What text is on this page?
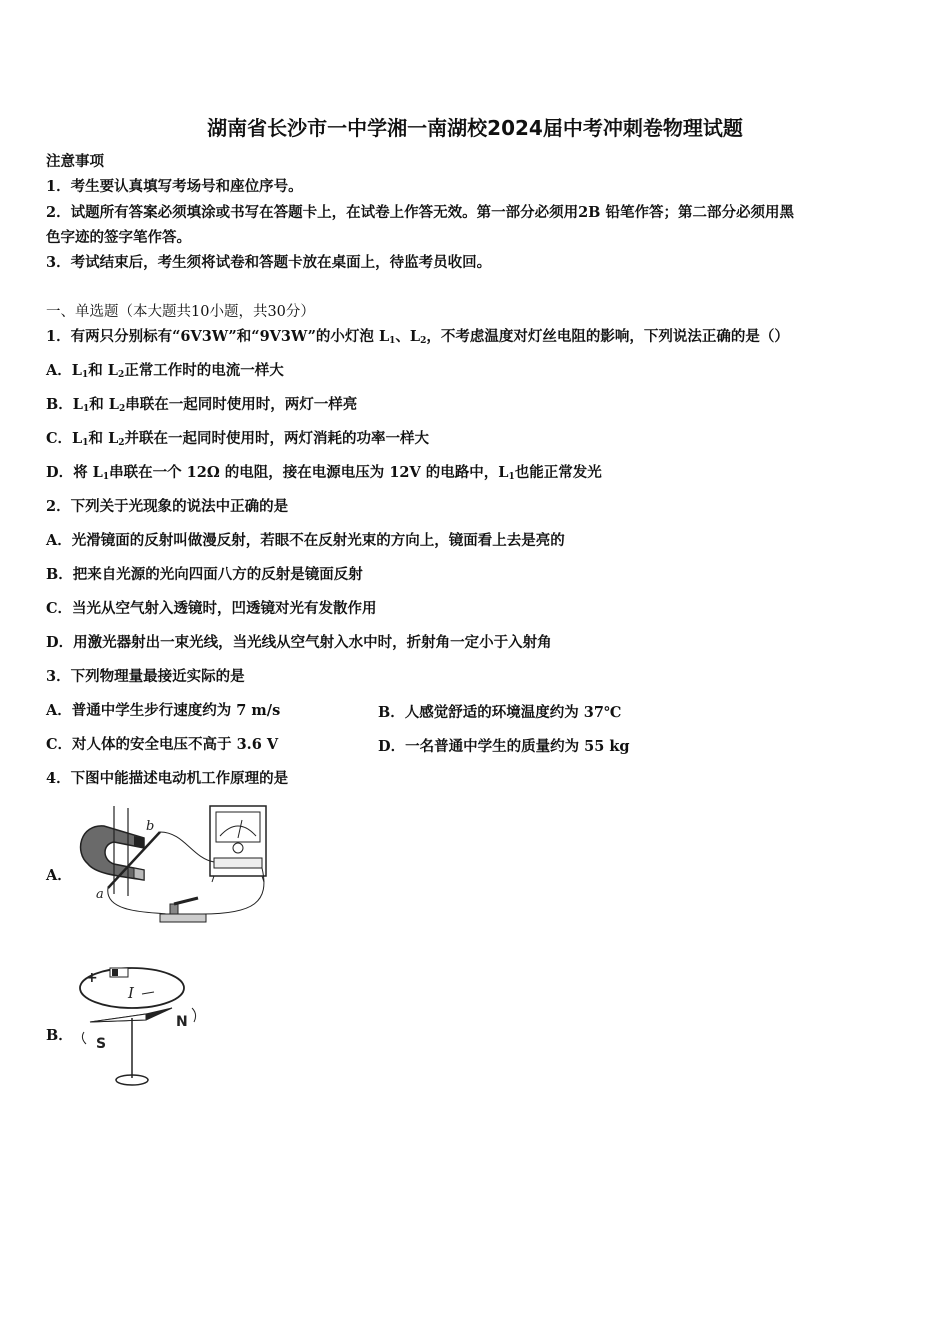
湖南省长沙市一中学湘一南湖校2024届中考冲刺卷物理试题
注意事项
1．考生要认真填写考场号和座位序号。
2．试题所有答案必须填涂或书写在答题卡上，在试卷上作答无效。第一部分必须用2B 铅笔作答；第二部分必须用黑
色字迹的签字笔作答。
3．考试结束后，考生须将试卷和答题卡放在桌面上，待监考员收回。
一、单选题（本大题共10小题，共30分）
1．有两只分别标有“6V3W”和“9V3W”的小灯泡 $L_1$、$L_2$，不考虑温度对灯丝电阻的影响，下列说法正确的是（）
A．$L_1$和 $L_2$正常工作时的电流一样大
B．$L_1$和 $L_2$串联在一起同时使用时，两灯一样亮
C．$L_1$和 $L_2$并联在一起同时使用时，两灯消耗的功率一样大
D．将 $L_1$串联在一个 12Ω 的电阻，接在电源电压为 12V 的电路中，$L_1$也能正常发光
2．下列关于光现象的说法中正确的是
A．光滑镜面的反射叫做漫反射，若眼不在反射光束的方向上，镜面看上去是亮的
B．把来自光源的光向四面八方的反射是镜面反射
C．当光从空气射入透镜时，凹透镜对光有发散作用
D．用激光器射出一束光线，当光线从空气射入水中时，折射角一定小于入射角
3．下列物理量最接近实际的是
A．普通中学生步行速度约为 7 m/s	B．人感觉舒适的环境温度约为 37℃
C．对人体的安全电压不高于 3.6 V	D．一名普通中学生的质量约为 55 kg
4．下图中能描述电动机工作原理的是
A．
b
a
B．
+
I
N
S
